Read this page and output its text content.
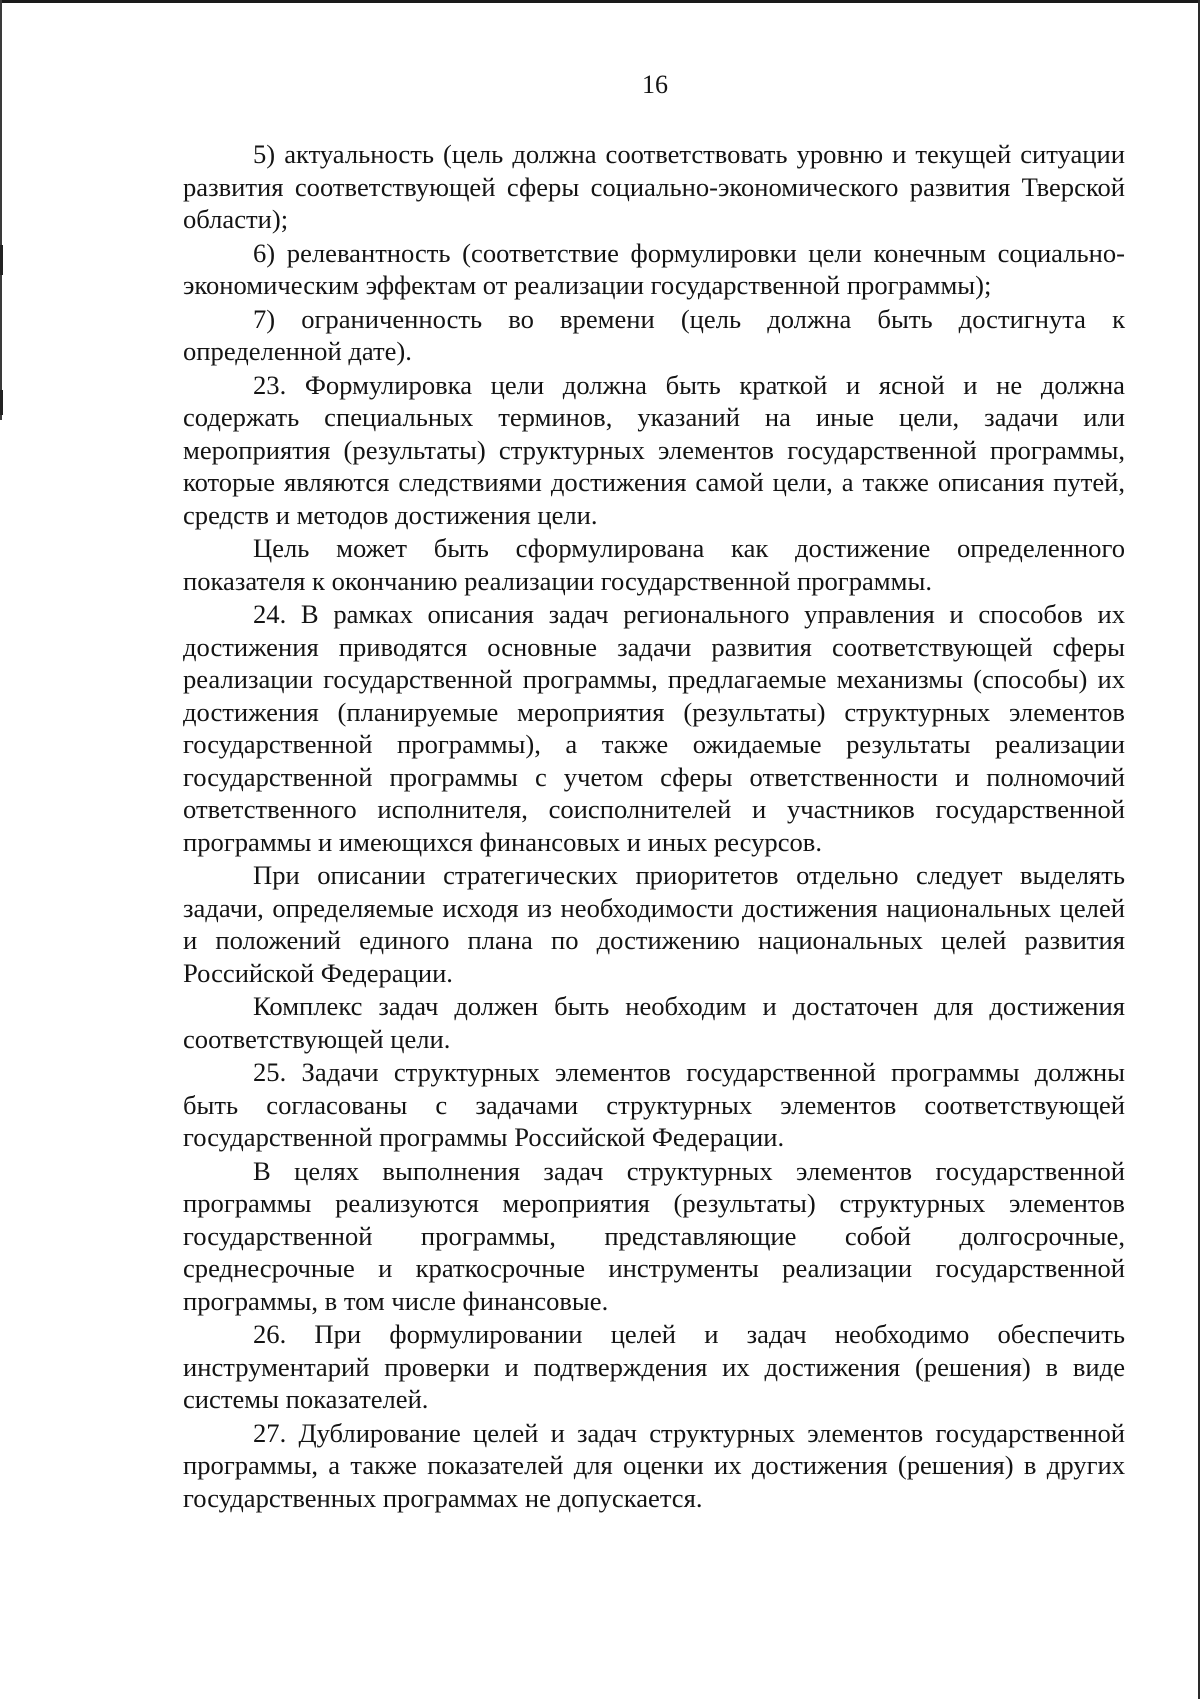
16

5) актуальность (цель должна соответствовать уровню и текущей ситуации развития соответствующей сферы социально-экономического развития Тверской области);

6) релевантность (соответствие формулировки цели конечным социально-экономическим эффектам от реализации государственной программы);

7) ограниченность во времени (цель должна быть достигнута к определенной дате).

23. Формулировка цели должна быть краткой и ясной и не должна содержать специальных терминов, указаний на иные цели, задачи или мероприятия (результаты) структурных элементов государственной программы, которые являются следствиями достижения самой цели, а также описания путей, средств и методов достижения цели.

Цель может быть сформулирована как достижение определенного показателя к окончанию реализации государственной программы.

24. В рамках описания задач регионального управления и способов их достижения приводятся основные задачи развития соответствующей сферы реализации государственной программы, предлагаемые механизмы (способы) их достижения (планируемые мероприятия (результаты) структурных элементов государственной программы), а также ожидаемые результаты реализации государственной программы с учетом сферы ответственности и полномочий ответственного исполнителя, соисполнителей и участников государственной программы и имеющихся финансовых и иных ресурсов.

При описании стратегических приоритетов отдельно следует выделять задачи, определяемые исходя из необходимости достижения национальных целей и положений единого плана по достижению национальных целей развития Российской Федерации.

Комплекс задач должен быть необходим и достаточен для достижения соответствующей цели.

25. Задачи структурных элементов государственной программы должны быть согласованы с задачами структурных элементов соответствующей государственной программы Российской Федерации.

В целях выполнения задач структурных элементов государственной программы реализуются мероприятия (результаты) структурных элементов государственной программы, представляющие собой долгосрочные, среднесрочные и краткосрочные инструменты реализации государственной программы, в том числе финансовые.

26. При формулировании целей и задач необходимо обеспечить инструментарий проверки и подтверждения их достижения (решения) в виде системы показателей.

27. Дублирование целей и задач структурных элементов государственной программы, а также показателей для оценки их достижения (решения) в других государственных программах не допускается.
